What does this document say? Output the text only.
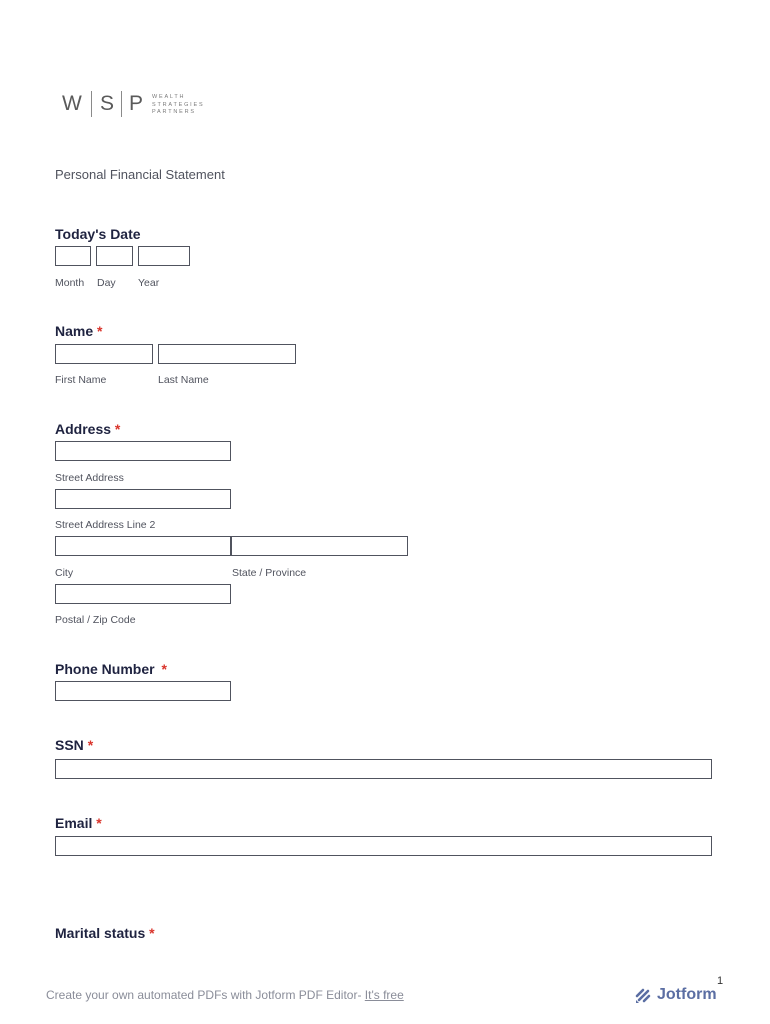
W S P WEALTH
STRATEGIES
PARTNERS
Personal Financial Statement
Today's Date
Month Day Year
Name *
First Name	Last Name
Address *
Street Address
Street Address Line 2
City	State / Province
Postal / Zip Code
Phone Number *
SSN *
Email *
Marital status *
1
Create your own automated PDFs with Jotform PDF Editor- It's free	Jotform
